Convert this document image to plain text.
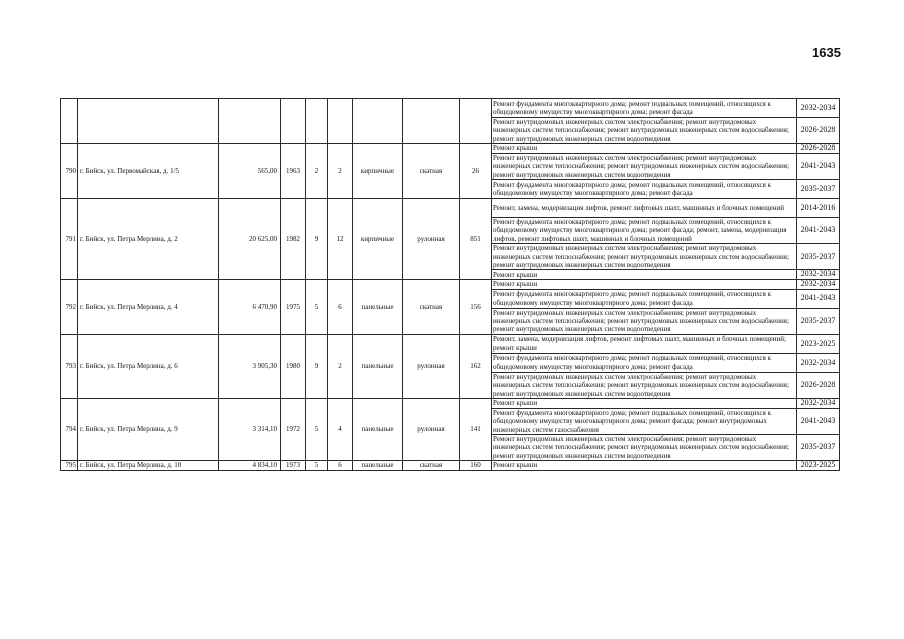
1635
									Ремонт фундамента многоквартирного дома; ремонт подвальных помещений, относящихся к общедомовому имуществу многоквартирного дома; ремонт фасада	2032-2034
									Ремонт внутридомовых инженерных систем электроснабжения; ремонт внутридомовых инженерных систем теплоснабжения; ремонт внутридомовых инженерных систем водоснабжения; ремонт внутридомовых инженерных систем водоотведения	2026-2028
790	г. Бийск, ул. Первомайская, д. 1/5	565,00	1963	2	2	кирпичные	скатная	26	Ремонт крыши	2026-2028
									Ремонт внутридомовых инженерных систем электроснабжения; ремонт внутридомовых инженерных систем теплоснабжения; ремонт внутридомовых инженерных систем водоснабжения; ремонт внутридомовых инженерных систем водоотведения	2041-2043
									Ремонт фундамента многоквартирного дома; ремонт подвальных помещений, относящихся к общедомовому имуществу многоквартирного дома; ремонт фасада	2035-2037
791	г. Бийск, ул. Петра Мерлина, д. 2	20 625,00	1982	9	12	кирпичные	рулонная	851	Ремонт, замена, модернизация лифтов, ремонт лифтовых шахт, машинных и блочных помещений	2014-2016
									Ремонт фундамента многоквартирного дома; ремонт подвальных помещений, относящихся к общедомовому имуществу многоквартирного дома; ремонт фасада; ремонт, замена, модернизация лифтов, ремонт лифтовых шахт, машинных и блочных помещений	2041-2043
									Ремонт внутридомовых инженерных систем электроснабжения; ремонт внутридомовых инженерных систем теплоснабжения; ремонт внутридомовых инженерных систем водоснабжения; ремонт внутридомовых инженерных систем водоотведения	2035-2037
									Ремонт крыши	2032-2034
792	г. Бийск, ул. Петра Мерлина, д. 4	6 470,90	1975	5	6	панельные	скатная	156	Ремонт крыши	2032-2034
									Ремонт фундамента многоквартирного дома; ремонт подвальных помещений, относящихся к общедомовому имуществу многоквартирного дома; ремонт фасада	2041-2043
									Ремонт внутридомовых инженерных систем электроснабжения; ремонт внутридомовых инженерных систем теплоснабжения; ремонт внутридомовых инженерных систем водоснабжения; ремонт внутридомовых инженерных систем водоотведения	2035-2037
793	г. Бийск, ул. Петра Мерлина, д. 6	3 905,30	1980	9	2	панельные	рулонная	162	Ремонт, замена, модернизация лифтов, ремонт лифтовых шахт, машинных и блочных помещений; ремонт крыши	2023-2025
									Ремонт фундамента многоквартирного дома; ремонт подвальных помещений, относящихся к общедомовому имуществу многоквартирного дома; ремонт фасада	2032-2034
									Ремонт внутридомовых инженерных систем электроснабжения; ремонт внутридомовых инженерных систем теплоснабжения; ремонт внутридомовых инженерных систем водоснабжения; ремонт внутридомовых инженерных систем водоотведения	2026-2028
794	г. Бийск, ул. Петра Мерлина, д. 9	3 314,10	1972	5	4	панельные	рулонная	141	Ремонт крыши	2032-2034
									Ремонт фундамента многоквартирного дома; ремонт подвальных помещений, относящихся к общедомовому имуществу многоквартирного дома; ремонт фасада; ремонт внутридомовых инженерных систем газоснабжения	2041-2043
									Ремонт внутридомовых инженерных систем электроснабжения; ремонт внутридомовых инженерных систем теплоснабжения; ремонт внутридомовых инженерных систем водоснабжения; ремонт внутридомовых инженерных систем водоотведения	2035-2037
795	г. Бийск, ул. Петра Мерлина, д. 10	4 834,10	1973	5	6	панельные	скатная	160	Ремонт крыши	2023-2025
